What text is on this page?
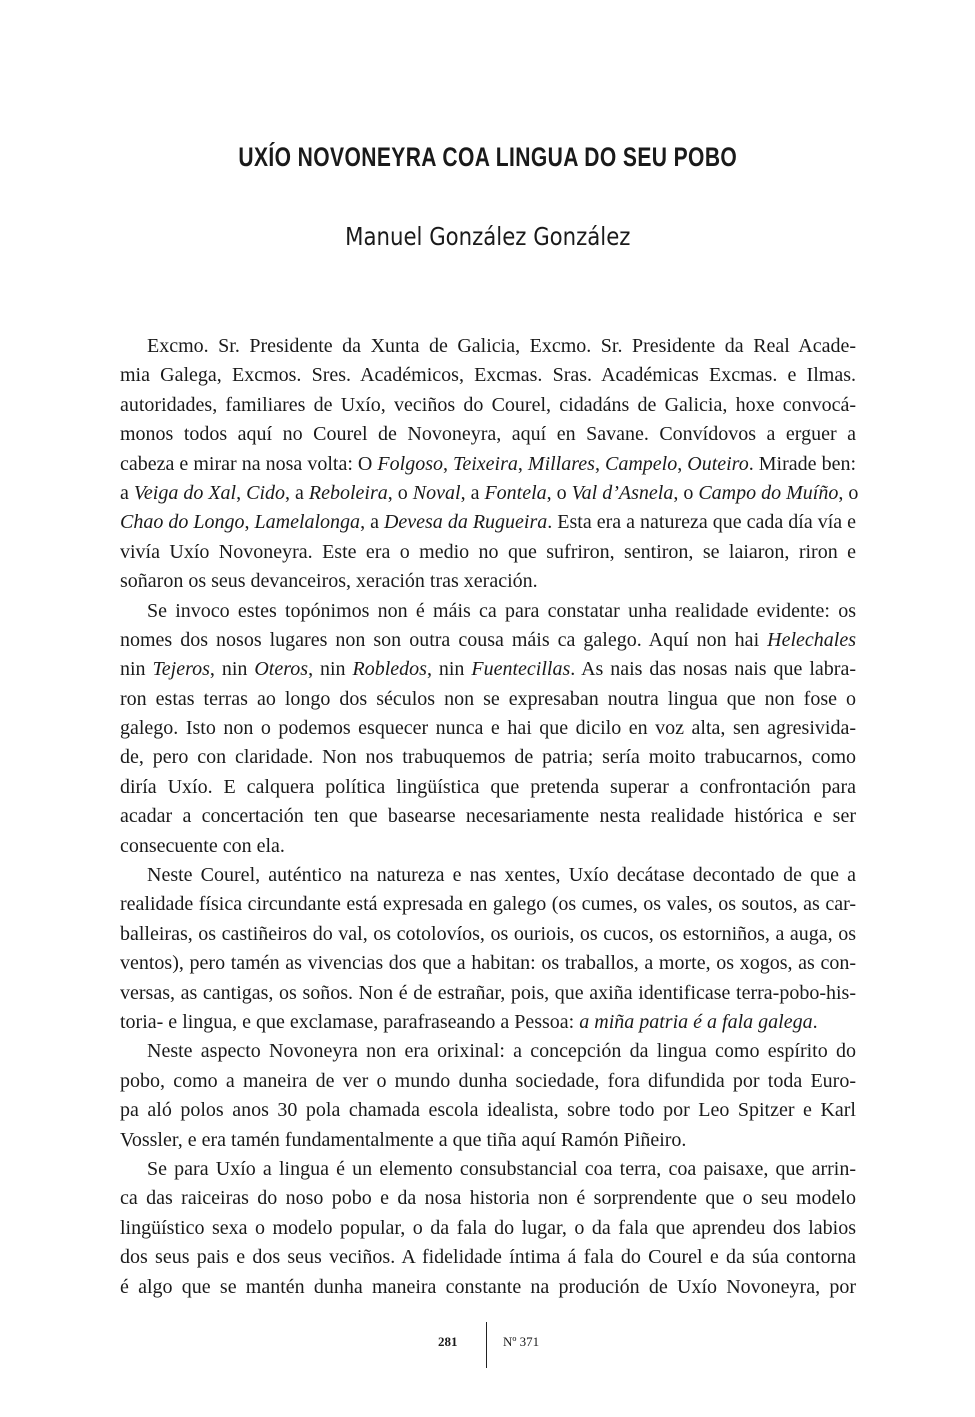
UXÍO NOVONEYRA COA LINGUA DO SEU POBO
Manuel González González
Excmo. Sr. Presidente da Xunta de Galicia, Excmo. Sr. Presidente da Real Acade-
mia Galega, Excmos. Sres. Académicos, Excmas. Sras. Académicas Excmas. e Ilmas.
autoridades, familiares de Uxío, veciños do Courel, cidadáns de Galicia, hoxe convocá-
monos todos aquí no Courel de Novoneyra, aquí en Savane. Convídovos a erguer a
cabeza e mirar na nosa volta: O Folgoso, Teixeira, Millares, Campelo, Outeiro. Mirade ben:
a Veiga do Xal, Cido, a Reboleira, o Noval, a Fontela, o Val d’Asnela, o Campo do Muíño, o
Chao do Longo, Lamelalonga, a Devesa da Rugueira. Esta era a natureza que cada día vía e
vivía Uxío Novoneyra. Este era o medio no que sufriron, sentiron, se laiaron, riron e
soñaron os seus devanceiros, xeración tras xeración.
Se invoco estes topónimos non é máis ca para constatar unha realidade evidente: os
nomes dos nosos lugares non son outra cousa máis ca galego. Aquí non hai Helechales
nin Tejeros, nin Oteros, nin Robledos, nin Fuentecillas. As nais das nosas nais que labra-
ron estas terras ao longo dos séculos non se expresaban noutra lingua que non fose o
galego. Isto non o podemos esquecer nunca e hai que dicilo en voz alta, sen agresivida-
de, pero con claridade. Non nos trabuquemos de patria; sería moito trabucarnos, como
diría Uxío. E calquera política lingüística que pretenda superar a confrontación para
acadar a concertación ten que basearse necesariamente nesta realidade histórica e ser
consecuente con ela.
Neste Courel, auténtico na natureza e nas xentes, Uxío decátase decontado de que a
realidade física circundante está expresada en galego (os cumes, os vales, os soutos, as car-
balleiras, os castiñeiros do val, os cotolovíos, os ouriois, os cucos, os estorniños, a auga, os
ventos), pero tamén as vivencias dos que a habitan: os traballos, a morte, os xogos, as con-
versas, as cantigas, os soños. Non é de estrañar, pois, que axiña identificase terra-pobo-his-
toria- e lingua, e que exclamase, parafraseando a Pessoa: a miña patria é a fala galega.
Neste aspecto Novoneyra non era orixinal: a concepción da lingua como espírito do
pobo, como a maneira de ver o mundo dunha sociedade, fora difundida por toda Euro-
pa aló polos anos 30 pola chamada escola idealista, sobre todo por Leo Spitzer e Karl
Vossler, e era tamén fundamentalmente a que tiña aquí Ramón Piñeiro.
Se para Uxío a lingua é un elemento consubstancial coa terra, coa paisaxe, que arrin-
ca das raiceiras do noso pobo e da nosa historia non é sorprendente que o seu modelo
lingüístico sexa o modelo popular, o da fala do lugar, o da fala que aprendeu dos labios
dos seus pais e dos seus veciños. A fidelidade íntima á fala do Courel e da súa contorna
é algo que se mantén dunha maneira constante na produción de Uxío Novoneyra, por
281	Nº 371
